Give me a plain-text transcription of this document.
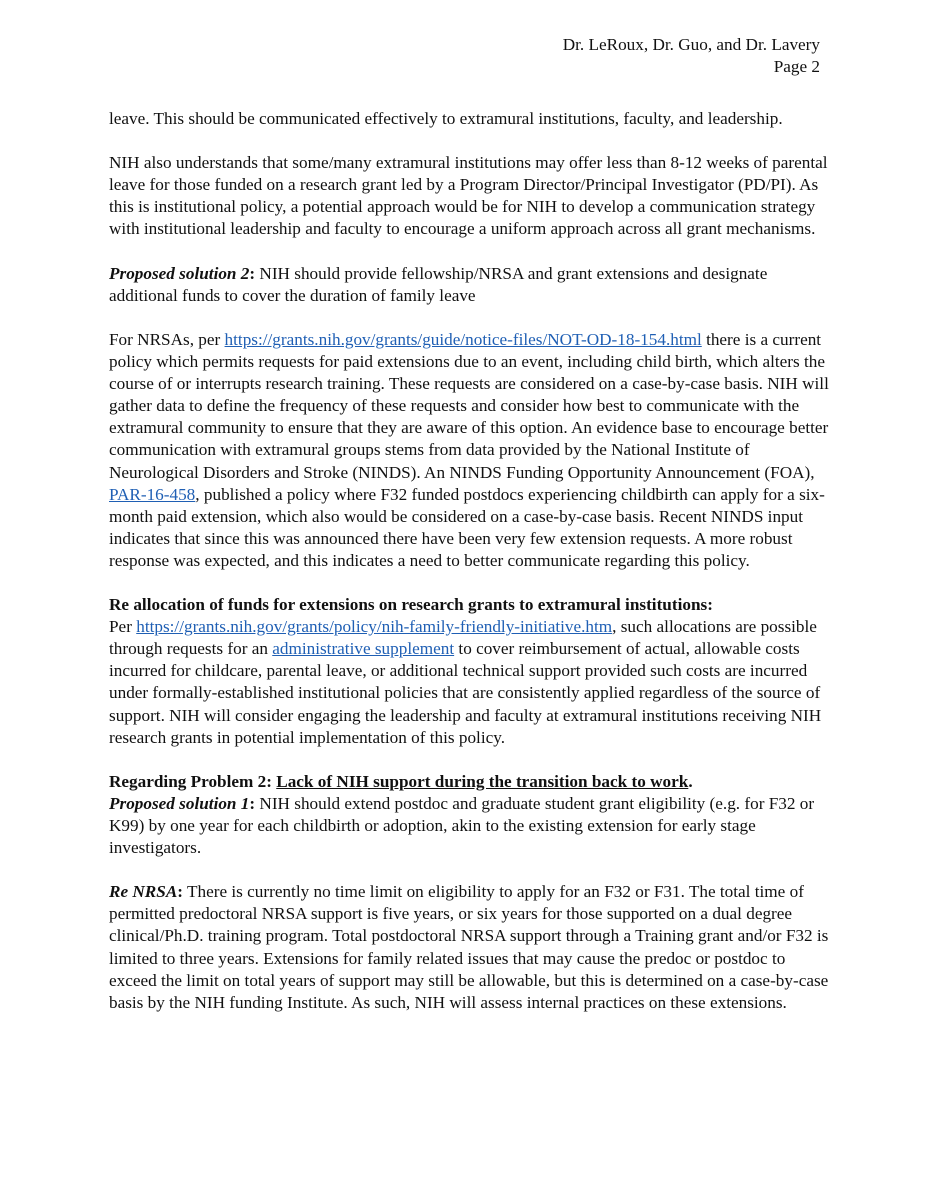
Dr. LeRoux, Dr. Guo, and Dr. Lavery
Page 2

leave. This should be communicated effectively to extramural institutions, faculty, and leadership.

NIH also understands that some/many extramural institutions may offer less than 8-12 weeks of parental leave for those funded on a research grant led by a Program Director/Principal Investigator (PD/PI). As this is institutional policy, a potential approach would be for NIH to develop a communication strategy with institutional leadership and faculty to encourage a uniform approach across all grant mechanisms.

Proposed solution 2: NIH should provide fellowship/NRSA and grant extensions and designate additional funds to cover the duration of family leave

For NRSAs, per https://grants.nih.gov/grants/guide/notice-files/NOT-OD-18-154.html there is a current policy which permits requests for paid extensions due to an event, including child birth, which alters the course of or interrupts research training. These requests are considered on a case-by-case basis. NIH will gather data to define the frequency of these requests and consider how best to communicate with the extramural community to ensure that they are aware of this option. An evidence base to encourage better communication with extramural groups stems from data provided by the National Institute of Neurological Disorders and Stroke (NINDS). An NINDS Funding Opportunity Announcement (FOA), PAR-16-458, published a policy where F32 funded postdocs experiencing childbirth can apply for a six-month paid extension, which also would be considered on a case-by-case basis. Recent NINDS input indicates that since this was announced there have been very few extension requests. A more robust response was expected, and this indicates a need to better communicate regarding this policy.

Re allocation of funds for extensions on research grants to extramural institutions:

Per https://grants.nih.gov/grants/policy/nih-family-friendly-initiative.htm, such allocations are possible through requests for an administrative supplement to cover reimbursement of actual, allowable costs incurred for childcare, parental leave, or additional technical support provided such costs are incurred under formally-established institutional policies that are consistently applied regardless of the source of support. NIH will consider engaging the leadership and faculty at extramural institutions receiving NIH research grants in potential implementation of this policy.

Regarding Problem 2: Lack of NIH support during the transition back to work.

Proposed solution 1: NIH should extend postdoc and graduate student grant eligibility (e.g. for F32 or K99) by one year for each childbirth or adoption, akin to the existing extension for early stage investigators.

Re NRSA: There is currently no time limit on eligibility to apply for an F32 or F31. The total time of permitted predoctoral NRSA support is five years, or six years for those supported on a dual degree clinical/Ph.D. training program. Total postdoctoral NRSA support through a Training grant and/or F32 is limited to three years. Extensions for family related issues that may cause the predoc or postdoc to exceed the limit on total years of support may still be allowable, but this is determined on a case-by-case basis by the NIH funding Institute. As such, NIH will assess internal practices on these extensions.
